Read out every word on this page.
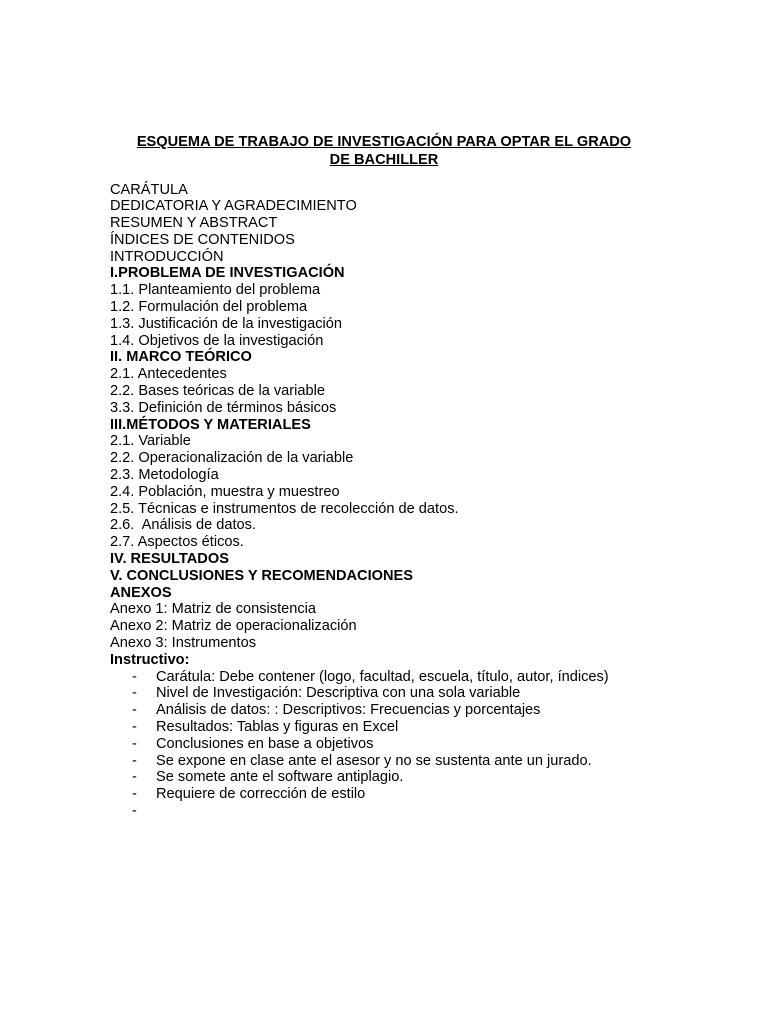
ESQUEMA DE TRABAJO DE INVESTIGACIÓN PARA OPTAR EL GRADO
DE BACHILLER
CARÁTULA
DEDICATORIA Y AGRADECIMIENTO
RESUMEN Y ABSTRACT
ÍNDICES DE CONTENIDOS
INTRODUCCIÓN
I.PROBLEMA DE INVESTIGACIÓN
1.1. Planteamiento del problema
1.2. Formulación del problema
1.3. Justificación de la investigación
1.4. Objetivos de la investigación
II. MARCO TEÓRICO
2.1. Antecedentes
2.2. Bases teóricas de la variable
3.3. Definición de términos básicos
III.MÉTODOS Y MATERIALES
2.1. Variable
2.2. Operacionalización de la variable
2.3. Metodología
2.4. Población, muestra y muestreo
2.5. Técnicas e instrumentos de recolección de datos.
2.6.  Análisis de datos.
2.7. Aspectos éticos.
IV. RESULTADOS
V. CONCLUSIONES Y RECOMENDACIONES
ANEXOS
Anexo 1: Matriz de consistencia
Anexo 2: Matriz de operacionalización
Anexo 3: Instrumentos
Instructivo:
- Carátula: Debe contener (logo, facultad, escuela, título, autor, índices)
- Nivel de Investigación: Descriptiva con una sola variable
- Análisis de datos: : Descriptivos: Frecuencias y porcentajes
- Resultados: Tablas y figuras en Excel
- Conclusiones en base a objetivos
- Se expone en clase ante el asesor y no se sustenta ante un jurado.
- Se somete ante el software antiplagio.
- Requiere de corrección de estilo
-
